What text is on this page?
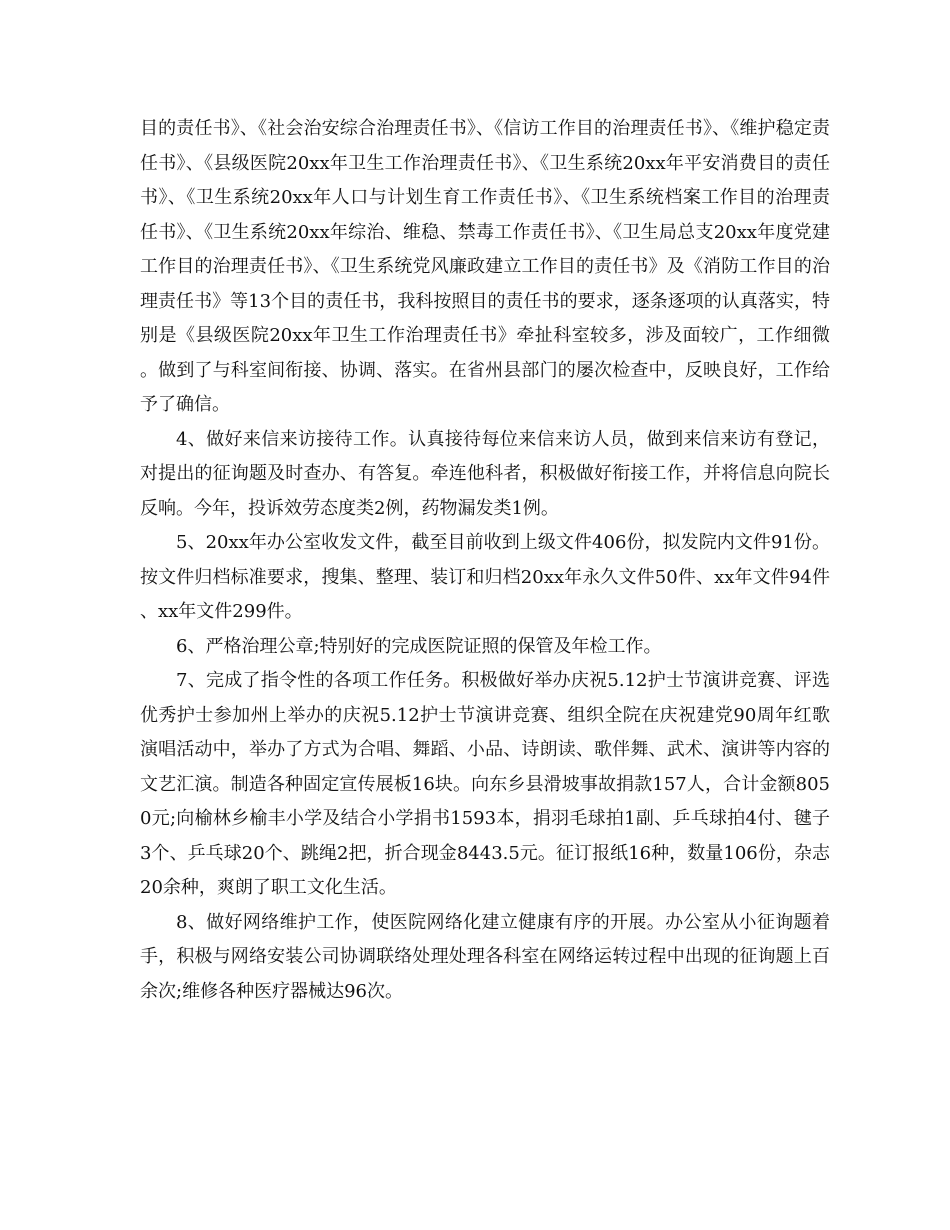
目的责任书》、《社会治安综合治理责任书》、《信访工作目的治理责任书》、《维护稳定责任书》、《县级医院20xx年卫生工作治理责任书》、《卫生系统20xx年平安消费目的责任书》、《卫生系统20xx年人口与计划生育工作责任书》、《卫生系统档案工作目的治理责任书》、《卫生系统20xx年综治、维稳、禁毒工作责任书》、《卫生局总支20xx年度党建工作目的治理责任书》、《卫生系统党风廉政建立工作目的责任书》及《消防工作目的治理责任书》等13个目的责任书，我科按照目的责任书的要求，逐条逐项的认真落实，特别是《县级医院20xx年卫生工作治理责任书》牵扯科室较多，涉及面较广，工作细微。做到了与科室间衔接、协调、落实。在省州县部门的屡次检查中，反映良好，工作给予了确信。

4、做好来信来访接待工作。认真接待每位来信来访人员，做到来信来访有登记，对提出的征询题及时查办、有答复。牵连他科者，积极做好衔接工作，并将信息向院长反响。今年，投诉效劳态度类2例，药物漏发类1例。

5、20xx年办公室收发文件，截至目前收到上级文件406份，拟发院内文件91份。按文件归档标准要求，搜集、整理、装订和归档20xx年永久文件50件、xx年文件94件、xx年文件299件。

6、严格治理公章;特别好的完成医院证照的保管及年检工作。

7、完成了指令性的各项工作任务。积极做好举办庆祝5.12护士节演讲竞赛、评选优秀护士参加州上举办的庆祝5.12护士节演讲竞赛、组织全院在庆祝建党90周年红歌演唱活动中，举办了方式为合唱、舞蹈、小品、诗朗读、歌伴舞、武术、演讲等内容的文艺汇演。制造各种固定宣传展板16块。向东乡县滑坡事故捐款157人，合计金额8050元;向榆林乡榆丰小学及结合小学捐书1593本，捐羽毛球拍1副、乒乓球拍4付、毽子3个、乒乓球20个、跳绳2把，折合现金8443.5元。征订报纸16种，数量106份，杂志20余种，爽朗了职工文化生活。

8、做好网络维护工作，使医院网络化建立健康有序的开展。办公室从小征询题着手，积极与网络安装公司协调联络处理处理各科室在网络运转过程中出现的征询题上百余次;维修各种医疗器械达96次。
